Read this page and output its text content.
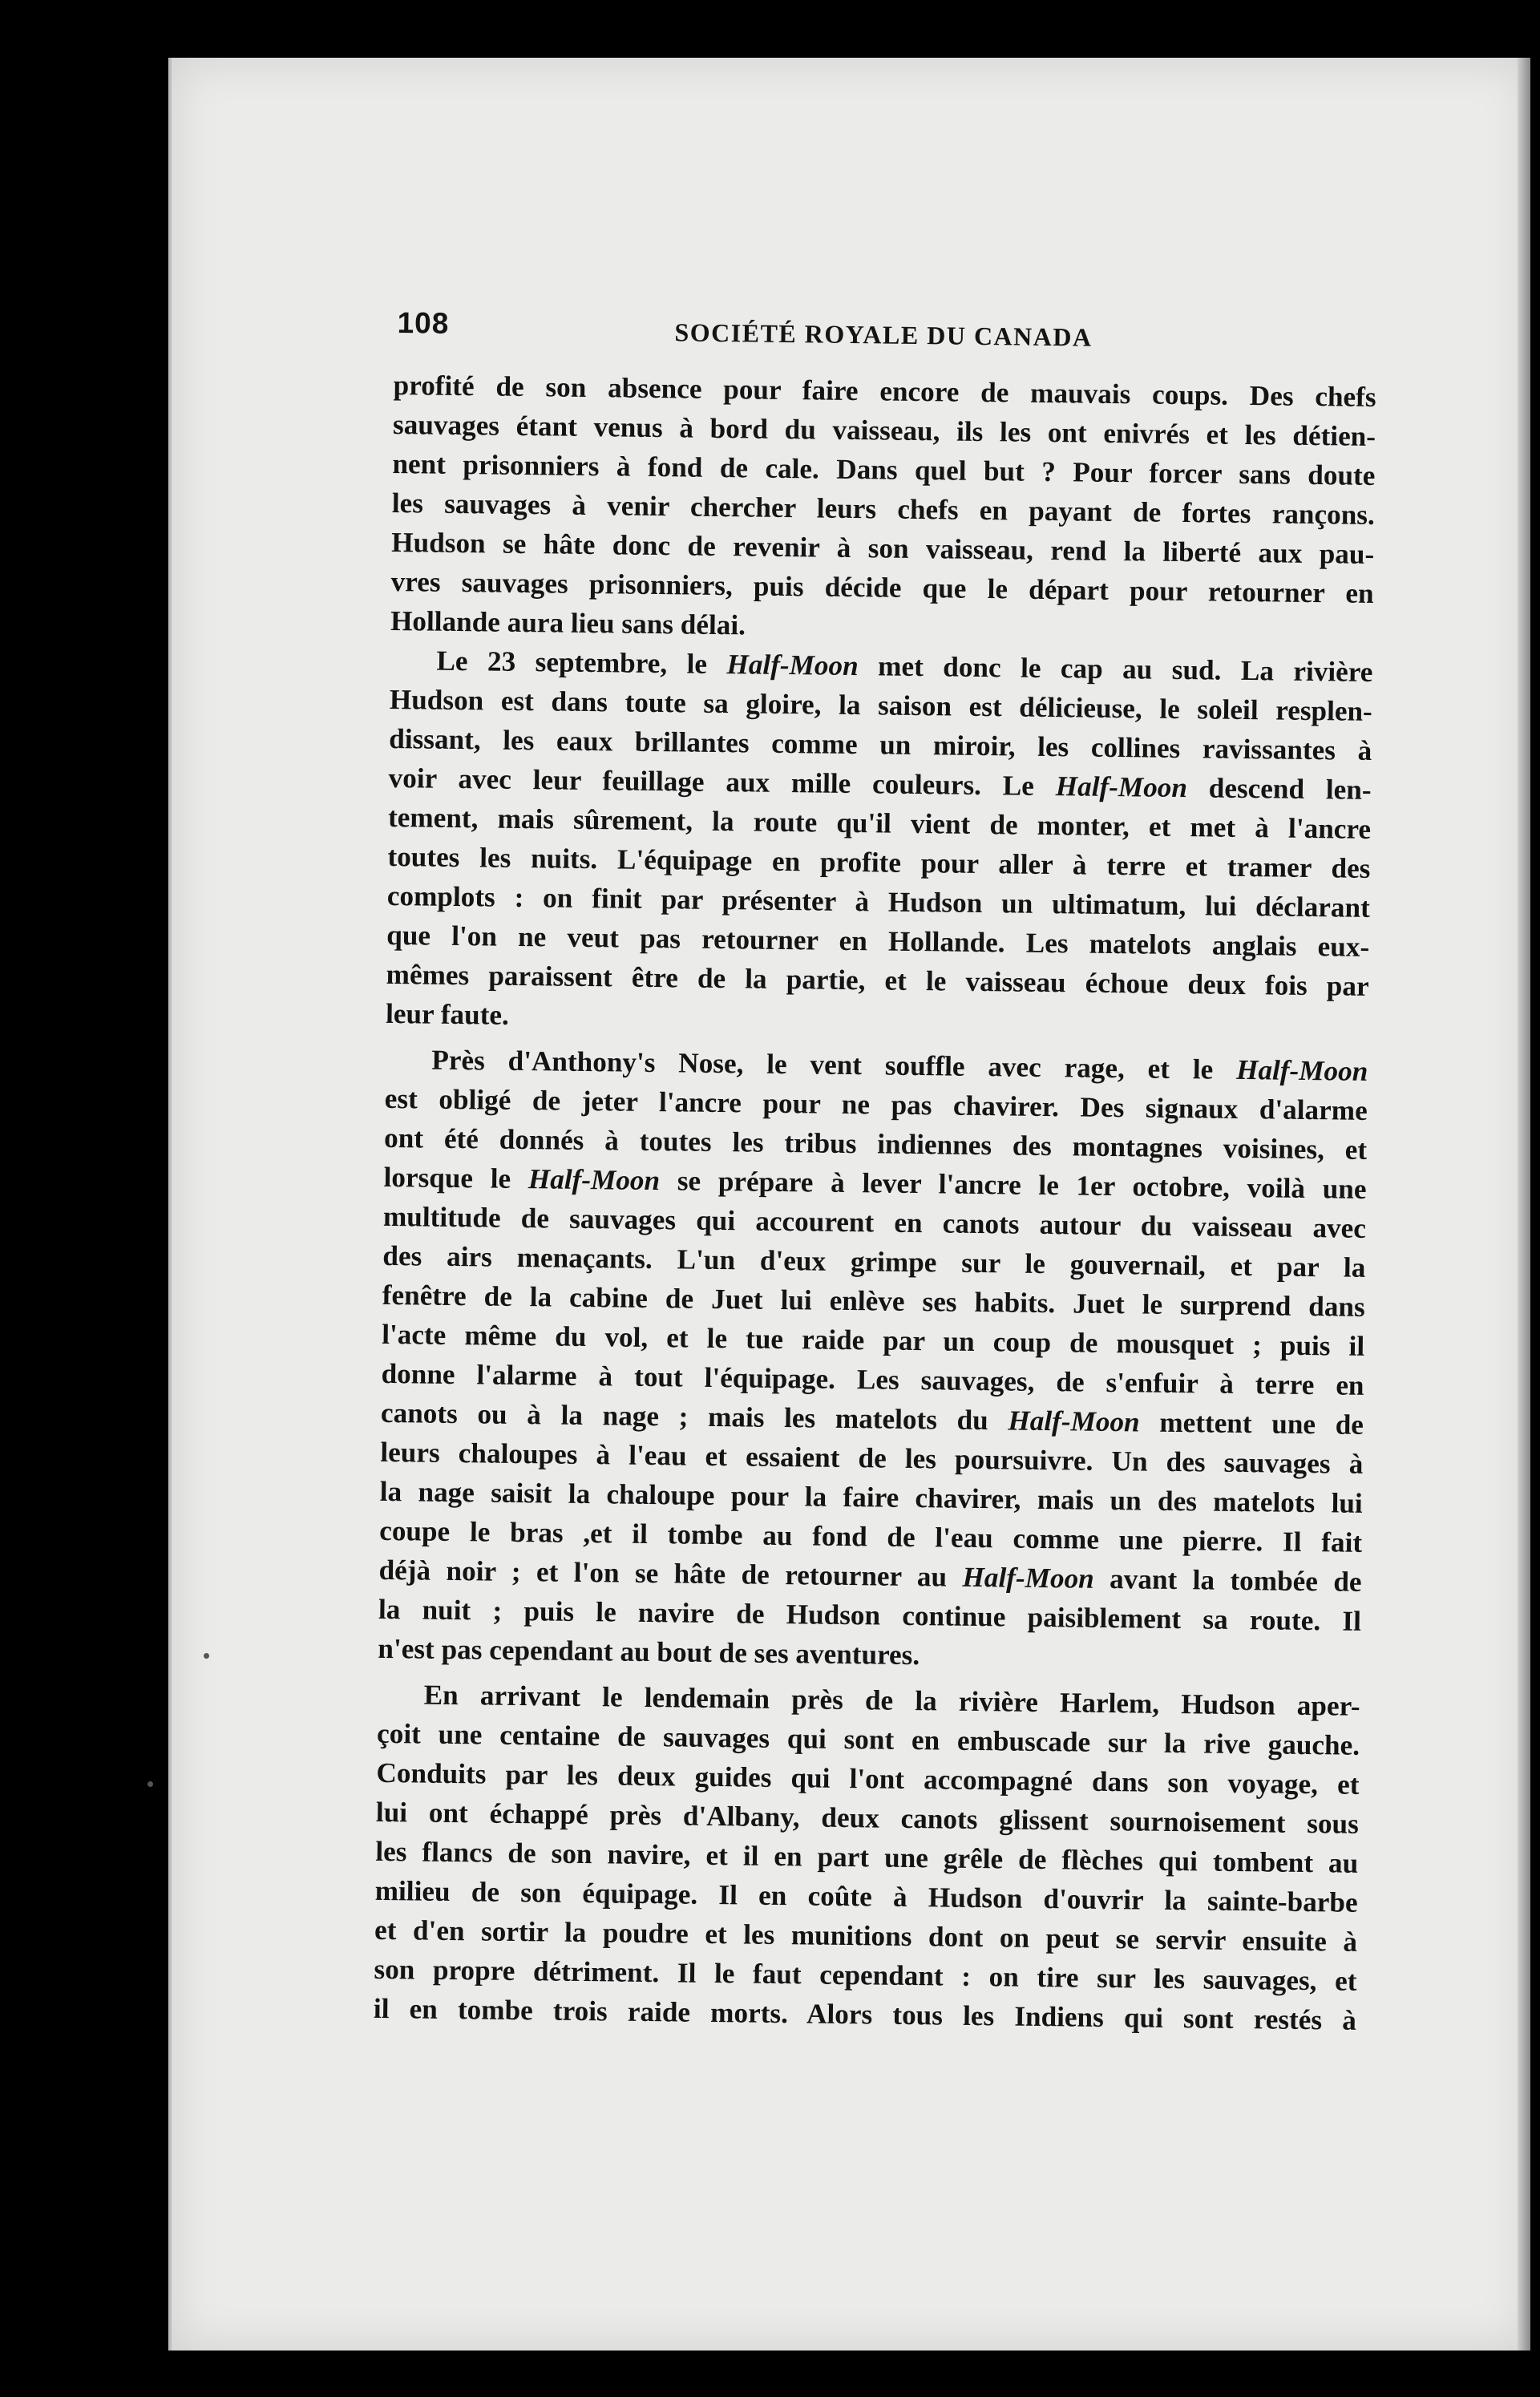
108	SOCIÉTÉ ROYALE DU CANADA
profité de son absence pour faire encore de mauvais coups. Des chefs
sauvages étant venus à bord du vaisseau, ils les ont enivrés et les détien-
nent prisonniers à fond de cale. Dans quel but ? Pour forcer sans doute
les sauvages à venir chercher leurs chefs en payant de fortes rançons.
Hudson se hâte donc de revenir à son vaisseau, rend la liberté aux pau-
vres sauvages prisonniers, puis décide que le départ pour retourner en
Hollande aura lieu sans délai.
Le 23 septembre, le Half-Moon met donc le cap au sud. La rivière
Hudson est dans toute sa gloire, la saison est délicieuse, le soleil resplen-
dissant, les eaux brillantes comme un miroir, les collines ravissantes à
voir avec leur feuillage aux mille couleurs. Le Half-Moon descend len-
tement, mais sûrement, la route qu'il vient de monter, et met à l'ancre
toutes les nuits. L'équipage en profite pour aller à terre et tramer des
complots : on finit par présenter à Hudson un ultimatum, lui déclarant
que l'on ne veut pas retourner en Hollande. Les matelots anglais eux-
mêmes paraissent être de la partie, et le vaisseau échoue deux fois par
leur faute.
Près d'Anthony's Nose, le vent souffle avec rage, et le Half-Moon
est obligé de jeter l'ancre pour ne pas chavirer. Des signaux d'alarme
ont été donnés à toutes les tribus indiennes des montagnes voisines, et
lorsque le Half-Moon se prépare à lever l'ancre le 1er octobre, voilà une
multitude de sauvages qui accourent en canots autour du vaisseau avec
des airs menaçants. L'un d'eux grimpe sur le gouvernail, et par la
fenêtre de la cabine de Juet lui enlève ses habits. Juet le surprend dans
l'acte même du vol, et le tue raide par un coup de mousquet ; puis il
donne l'alarme à tout l'équipage. Les sauvages, de s'enfuir à terre en
canots ou à la nage ; mais les matelots du Half-Moon mettent une de
leurs chaloupes à l'eau et essaient de les poursuivre. Un des sauvages à
la nage saisit la chaloupe pour la faire chavirer, mais un des matelots lui
coupe le bras ,et il tombe au fond de l'eau comme une pierre. Il fait
déjà noir ; et l'on se hâte de retourner au Half-Moon avant la tombée de
la nuit ; puis le navire de Hudson continue paisiblement sa route. Il
n'est pas cependant au bout de ses aventures.
En arrivant le lendemain près de la rivière Harlem, Hudson aper-
çoit une centaine de sauvages qui sont en embuscade sur la rive gauche.
Conduits par les deux guides qui l'ont accompagné dans son voyage, et
lui ont échappé près d'Albany, deux canots glissent sournoisement sous
les flancs de son navire, et il en part une grêle de flèches qui tombent au
milieu de son équipage. Il en coûte à Hudson d'ouvrir la sainte-barbe
et d'en sortir la poudre et les munitions dont on peut se servir ensuite à
son propre détriment. Il le faut cependant : on tire sur les sauvages, et
il en tombe trois raide morts. Alors tous les Indiens qui sont restés à
